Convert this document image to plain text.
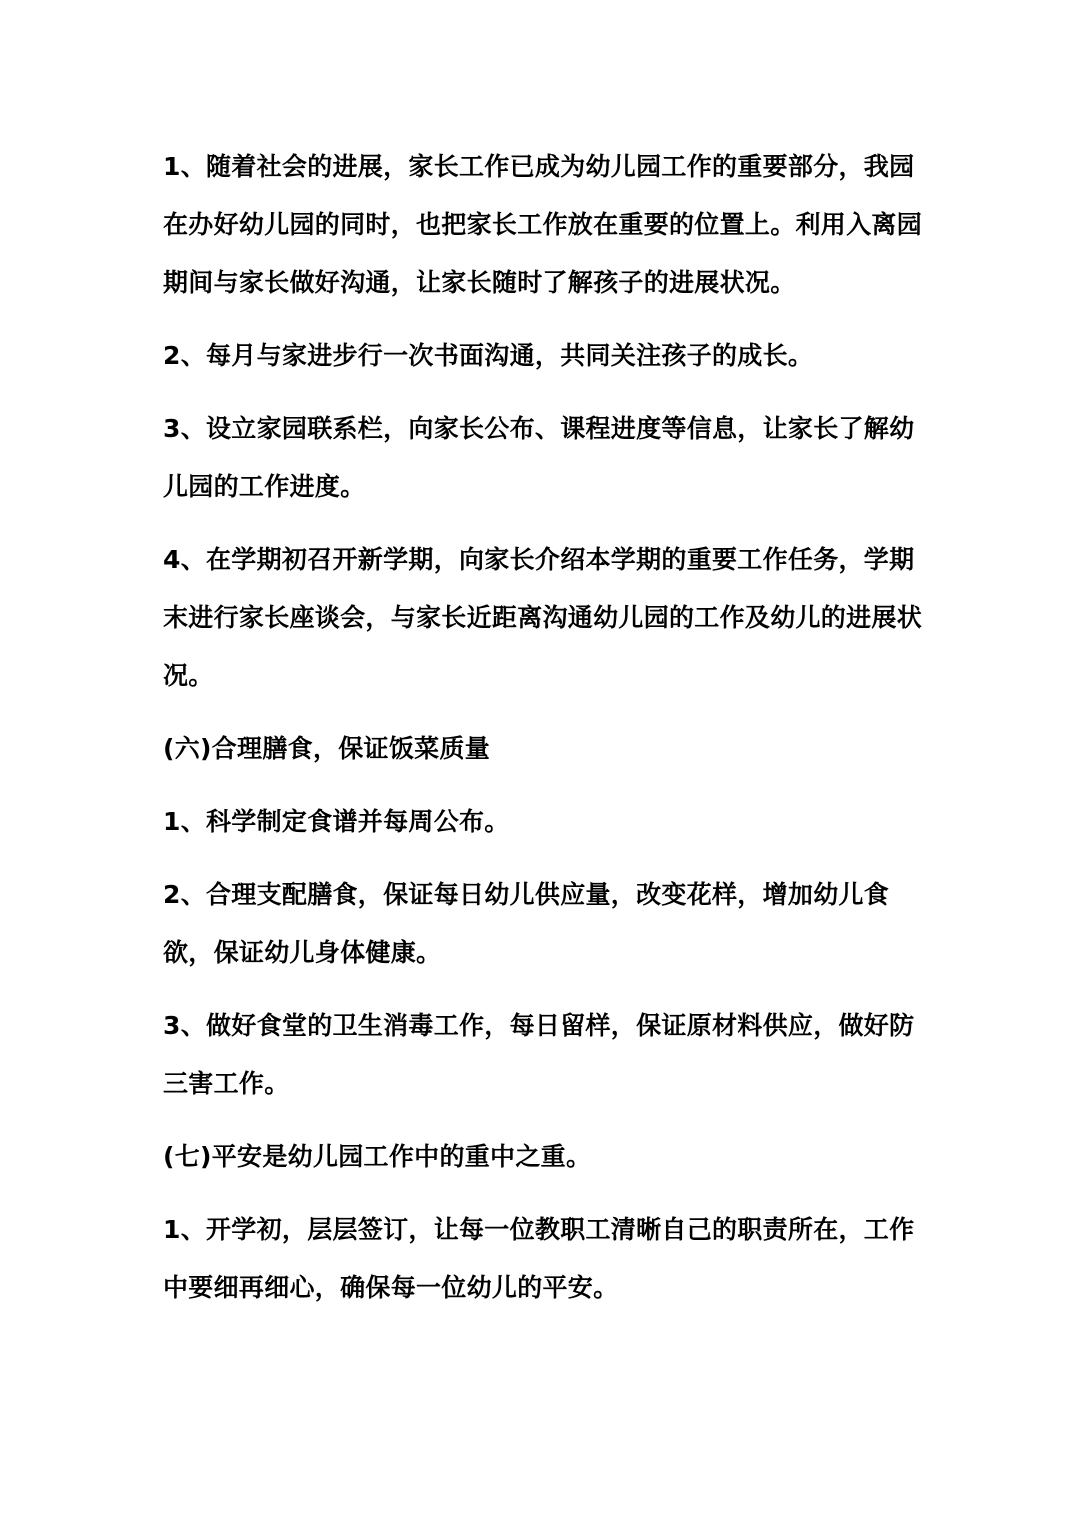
1、随着社会的进展，家长工作已成为幼儿园工作的重要部分，我园在办好幼儿园的同时，也把家长工作放在重要的位置上。利用入离园期间与家长做好沟通，让家长随时了解孩子的进展状况。

2、每月与家进步行一次书面沟通，共同关注孩子的成长。

3、设立家园联系栏，向家长公布、课程进度等信息，让家长了解幼儿园的工作进度。

4、在学期初召开新学期，向家长介绍本学期的重要工作任务，学期末进行家长座谈会，与家长近距离沟通幼儿园的工作及幼儿的进展状况。

(六)合理膳食，保证饭菜质量

1、科学制定食谱并每周公布。

2、合理支配膳食，保证每日幼儿供应量，改变花样，增加幼儿食欲，保证幼儿身体健康。

3、做好食堂的卫生消毒工作，每日留样，保证原材料供应，做好防三害工作。

(七)平安是幼儿园工作中的重中之重。

1、开学初，层层签订，让每一位教职工清晰自己的职责所在，工作中要细再细心，确保每一位幼儿的平安。
